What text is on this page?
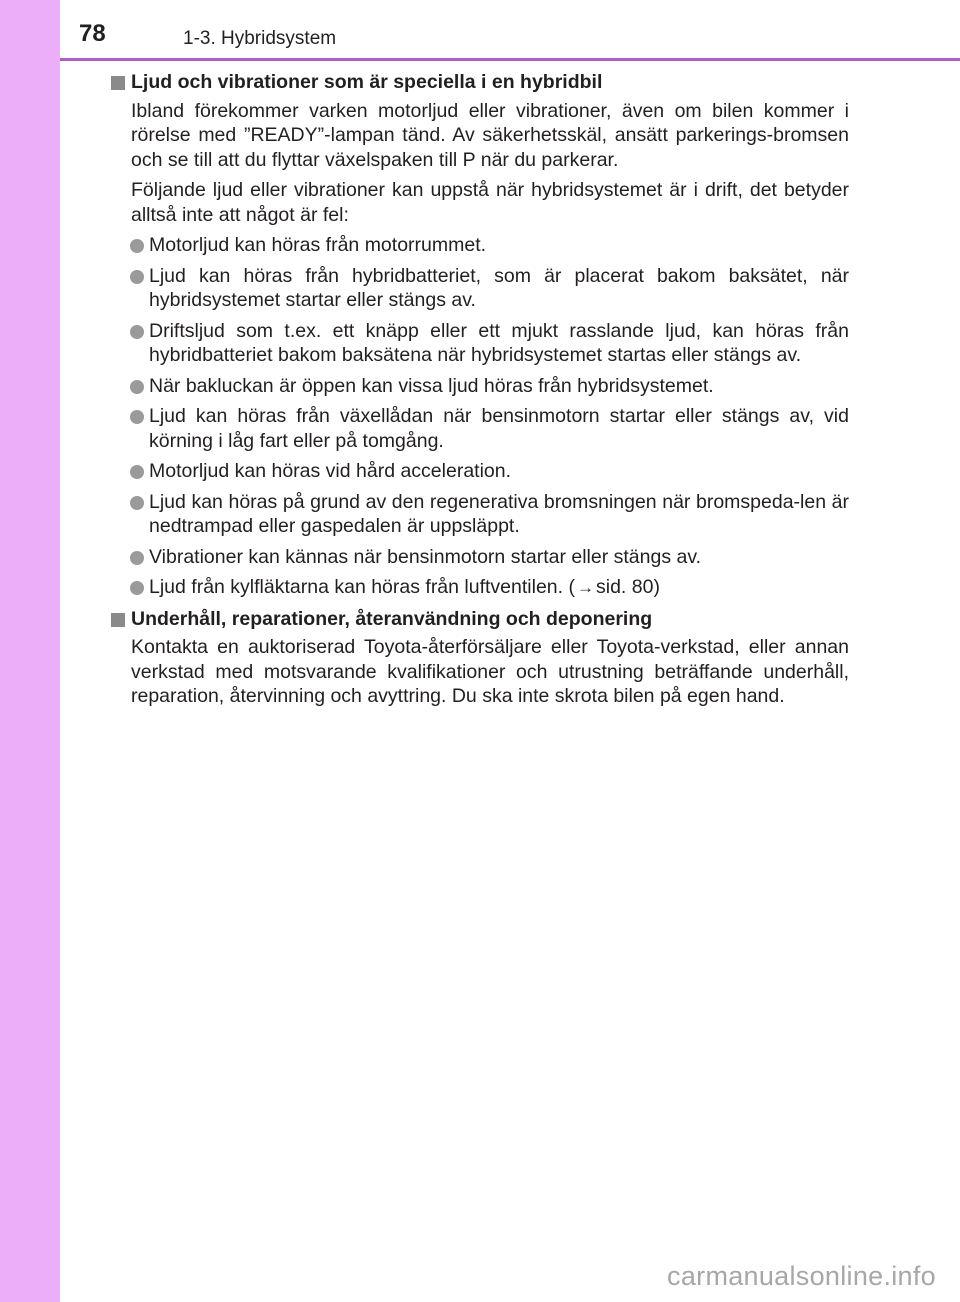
78	1-3. Hybridsystem
Ljud och vibrationer som är speciella i en hybridbil

Ibland förekommer varken motorljud eller vibrationer, även om bilen kommer i rörelse med ”READY”-lampan tänd. Av säkerhetsskäl, ansätt parkerings-bromsen och se till att du flyttar växelspaken till P när du parkerar.

Följande ljud eller vibrationer kan uppstå när hybridsystemet är i drift, det betyder alltså inte att något är fel:

Motorljud kan höras från motorrummet.
Ljud kan höras från hybridbatteriet, som är placerat bakom baksätet, när hybridsystemet startar eller stängs av.
Driftsljud som t.ex. ett knäpp eller ett mjukt rasslande ljud, kan höras från hybridbatteriet bakom baksätena när hybridsystemet startas eller stängs av.
När bakluckan är öppen kan vissa ljud höras från hybridsystemet.
Ljud kan höras från växellådan när bensinmotorn startar eller stängs av, vid körning i låg fart eller på tomgång.
Motorljud kan höras vid hård acceleration.
Ljud kan höras på grund av den regenerativa bromsningen när bromspeda-len är nedtrampad eller gaspedalen är uppsläppt.
Vibrationer kan kännas när bensinmotorn startar eller stängs av.
Ljud från kylfläktarna kan höras från luftventilen. ( → sid. 80)
Underhåll, reparationer, återanvändning och deponering

Kontakta en auktoriserad Toyota-återförsäljare eller Toyota-verkstad, eller annan verkstad med motsvarande kvalifikationer och utrustning beträffande underhåll, reparation, återvinning och avyttring. Du ska inte skrota bilen på egen hand.

carmanualsonline.info
